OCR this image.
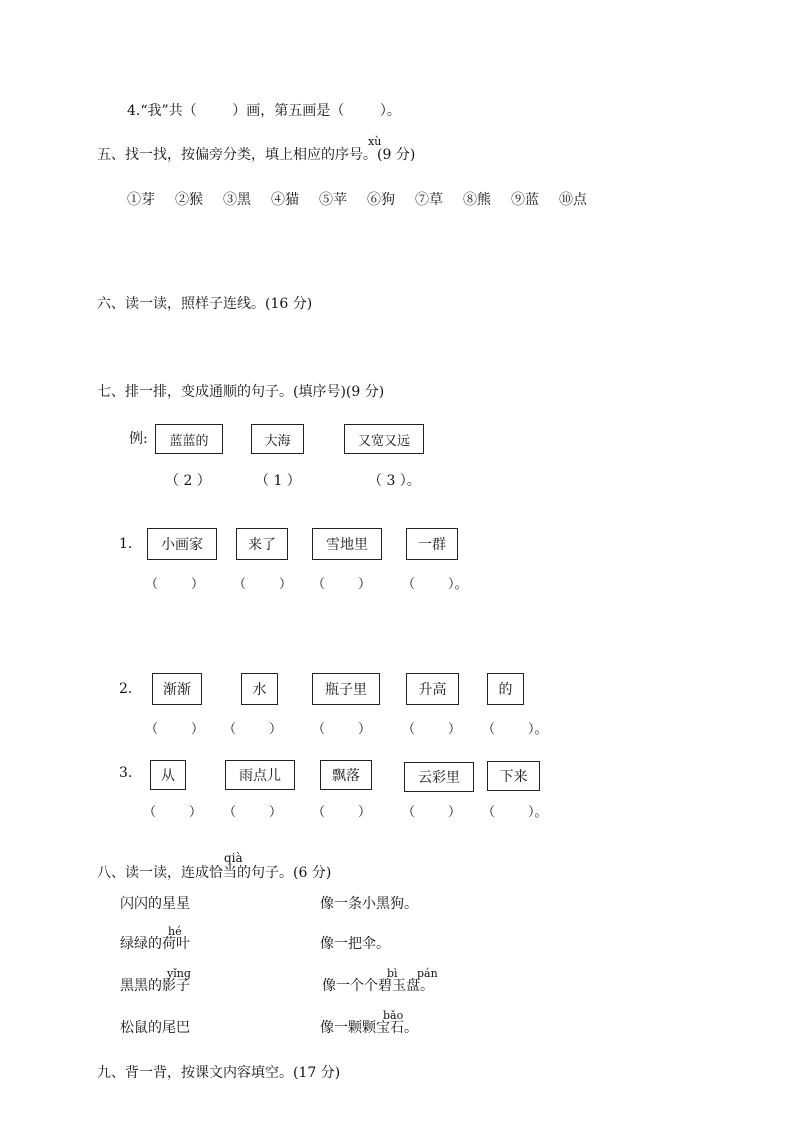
4.“我”共（        ）画，第五画是（        ）。
xù
五、找一找，按偏旁分类，填上相应的序号。(9 分)
①芽 ②猴 ③黑 ④猫 ⑤苹 ⑥狗 ⑦草 ⑧熊 ⑨蓝 ⑩点
六、读一读，照样子连线。(16 分)
七、排一排，变成通顺的句子。(填序号)(9 分)
例:	蓝蓝的	大海	又宽又远
（ 2 ）	（ 1 ）	（ 3 ）。
1.	小画家	来了	雪地里	一群
（        ） （        ） （        ） （        ）。
2.	渐渐	水	瓶子里	升高	的
（        ） （        ） （        ） （        ） （        ）。
3.	从	雨点儿	飘落	云彩里	下来
（        ） （        ） （        ） （        ） （        ）。
qià
八、读一读，连成恰当的句子。(6 分)
闪闪的星星	像一条小黑狗。
hé
绿绿的荷叶	像一把伞。
yǐng	bì pán
黑黑的影子	像一个个碧玉盘。
bǎo
松鼠的尾巴	像一颗颗宝石。
九、背一背，按课文内容填空。(17 分)
